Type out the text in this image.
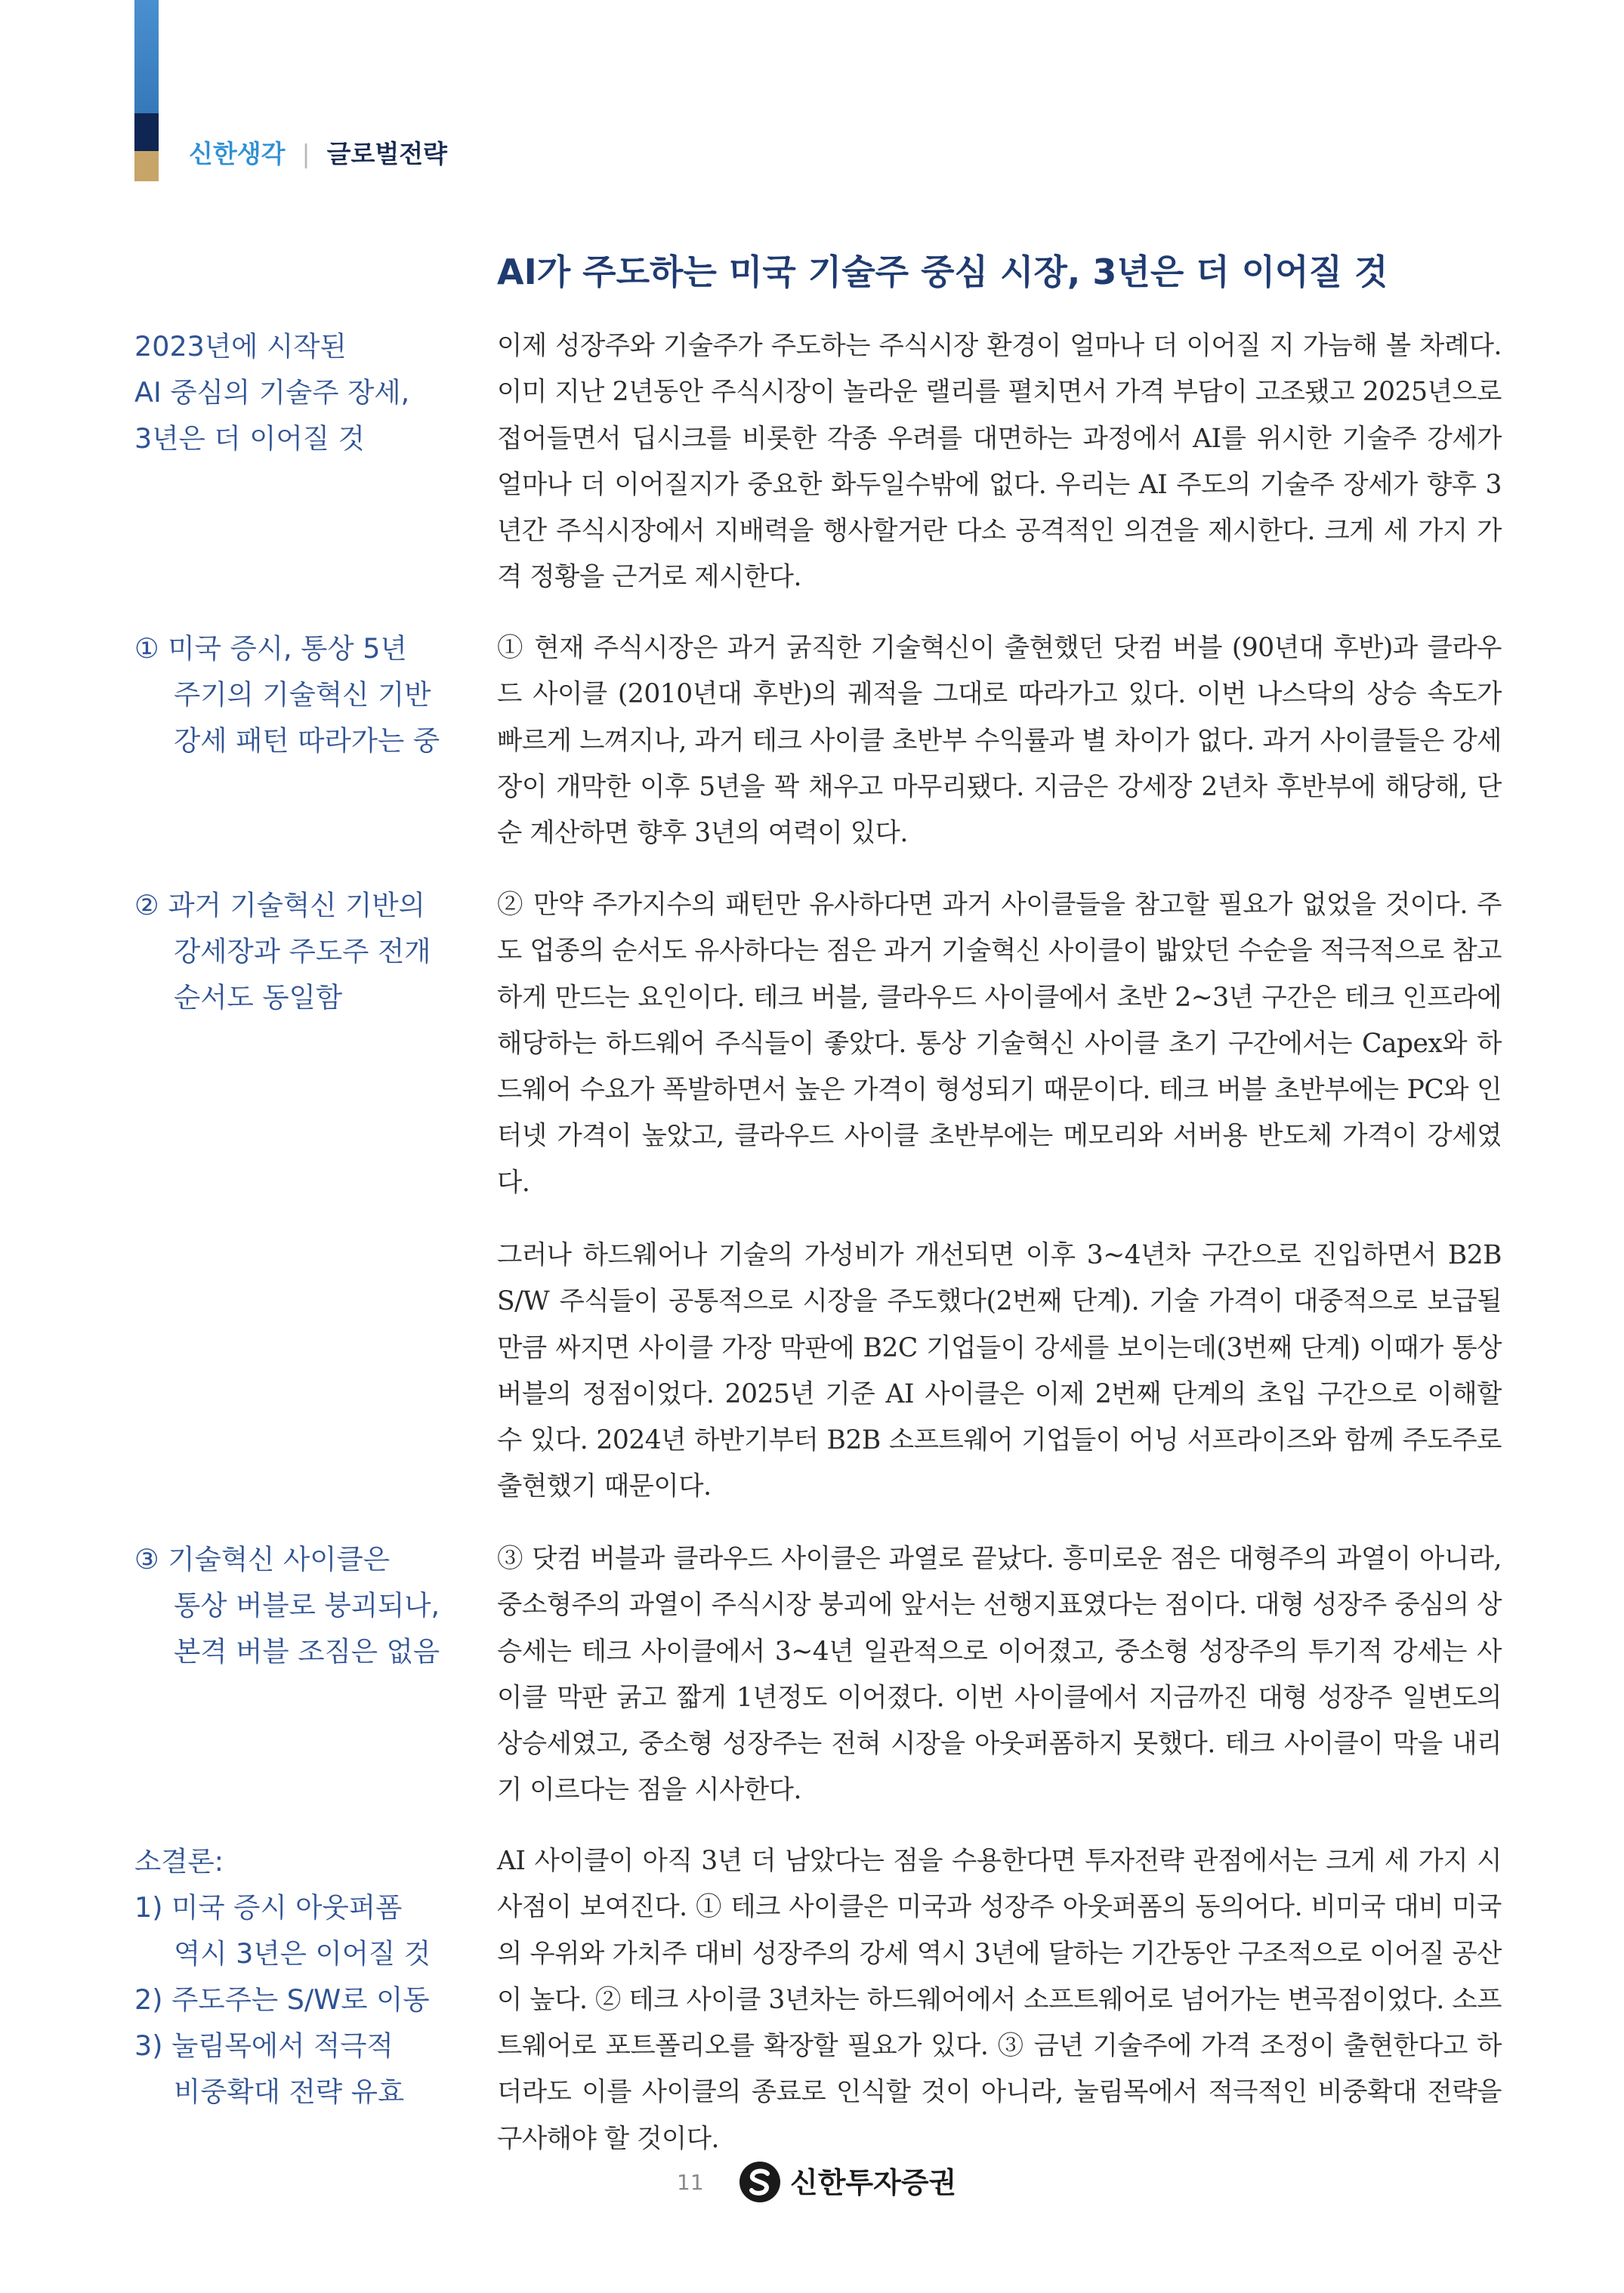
신한생각 | 글로벌전략
AI가 주도하는 미국 기술주 중심 시장, 3년은 더 이어질 것
2023년에 시작된
AI 중심의 기술주 장세,
3년은 더 이어질 것

이제 성장주와 기술주가 주도하는 주식시장 환경이 얼마나 더 이어질 지 가늠해 볼 차례다. 이미 지난 2년동안 주식시장이 놀라운 랠리를 펼치면서 가격 부담이 고조됐고 2025년으로 접어들면서 딥시크를 비롯한 각종 우려를 대면하는 과정에서 AI를 위시한 기술주 강세가 얼마나 더 이어질지가 중요한 화두일수밖에 없다. 우리는 AI 주도의 기술주 장세가 향후 3년간 주식시장에서 지배력을 행사할거란 다소 공격적인 의견을 제시한다. 크게 세 가지 가격 정황을 근거로 제시한다.

① 미국 증시, 통상 5년
주기의 기술혁신 기반
강세 패턴 따라가는 중

① 현재 주식시장은 과거 굵직한 기술혁신이 출현했던 닷컴 버블 (90년대 후반)과 클라우드 사이클 (2010년대 후반)의 궤적을 그대로 따라가고 있다. 이번 나스닥의 상승 속도가 빠르게 느껴지나, 과거 테크 사이클 초반부 수익률과 별 차이가 없다. 과거 사이클들은 강세장이 개막한 이후 5년을 꽉 채우고 마무리됐다. 지금은 강세장 2년차 후반부에 해당해, 단순 계산하면 향후 3년의 여력이 있다.

② 과거 기술혁신 기반의
강세장과 주도주 전개
순서도 동일함

② 만약 주가지수의 패턴만 유사하다면 과거 사이클들을 참고할 필요가 없었을 것이다. 주도 업종의 순서도 유사하다는 점은 과거 기술혁신 사이클이 밟았던 수순을 적극적으로 참고하게 만드는 요인이다. 테크 버블, 클라우드 사이클에서 초반 2~3년 구간은 테크 인프라에 해당하는 하드웨어 주식들이 좋았다. 통상 기술혁신 사이클 초기 구간에서는 Capex와 하드웨어 수요가 폭발하면서 높은 가격이 형성되기 때문이다. 테크 버블 초반부에는 PC와 인터넷 가격이 높았고, 클라우드 사이클 초반부에는 메모리와 서버용 반도체 가격이 강세였다.

그러나 하드웨어나 기술의 가성비가 개선되면 이후 3~4년차 구간으로 진입하면서 B2B S/W 주식들이 공통적으로 시장을 주도했다(2번째 단계). 기술 가격이 대중적으로 보급될만큼 싸지면 사이클 가장 막판에 B2C 기업들이 강세를 보이는데(3번째 단계) 이때가 통상 버블의 정점이었다. 2025년 기준 AI 사이클은 이제 2번째 단계의 초입 구간으로 이해할 수 있다. 2024년 하반기부터 B2B 소프트웨어 기업들이 어닝 서프라이즈와 함께 주도주로 출현했기 때문이다.

③ 기술혁신 사이클은
통상 버블로 붕괴되나,
본격 버블 조짐은 없음

③ 닷컴 버블과 클라우드 사이클은 과열로 끝났다. 흥미로운 점은 대형주의 과열이 아니라, 중소형주의 과열이 주식시장 붕괴에 앞서는 선행지표였다는 점이다. 대형 성장주 중심의 상승세는 테크 사이클에서 3~4년 일관적으로 이어졌고, 중소형 성장주의 투기적 강세는 사이클 막판 굵고 짧게 1년정도 이어졌다. 이번 사이클에서 지금까진 대형 성장주 일변도의 상승세였고, 중소형 성장주는 전혀 시장을 아웃퍼폼하지 못했다. 테크 사이클이 막을 내리기 이르다는 점을 시사한다.

소결론:
1) 미국 증시 아웃퍼폼
역시 3년은 이어질 것
2) 주도주는 S/W로 이동
3) 눌림목에서 적극적
비중확대 전략 유효

AI 사이클이 아직 3년 더 남았다는 점을 수용한다면 투자전략 관점에서는 크게 세 가지 시사점이 보여진다. ① 테크 사이클은 미국과 성장주 아웃퍼폼의 동의어다. 비미국 대비 미국의 우위와 가치주 대비 성장주의 강세 역시 3년에 달하는 기간동안 구조적으로 이어질 공산이 높다. ② 테크 사이클 3년차는 하드웨어에서 소프트웨어로 넘어가는 변곡점이었다. 소프트웨어로 포트폴리오를 확장할 필요가 있다. ③ 금년 기술주에 가격 조정이 출현한다고 하더라도 이를 사이클의 종료로 인식할 것이 아니라, 눌림목에서 적극적인 비중확대 전략을 구사해야 할 것이다.

11	신한투자증권
